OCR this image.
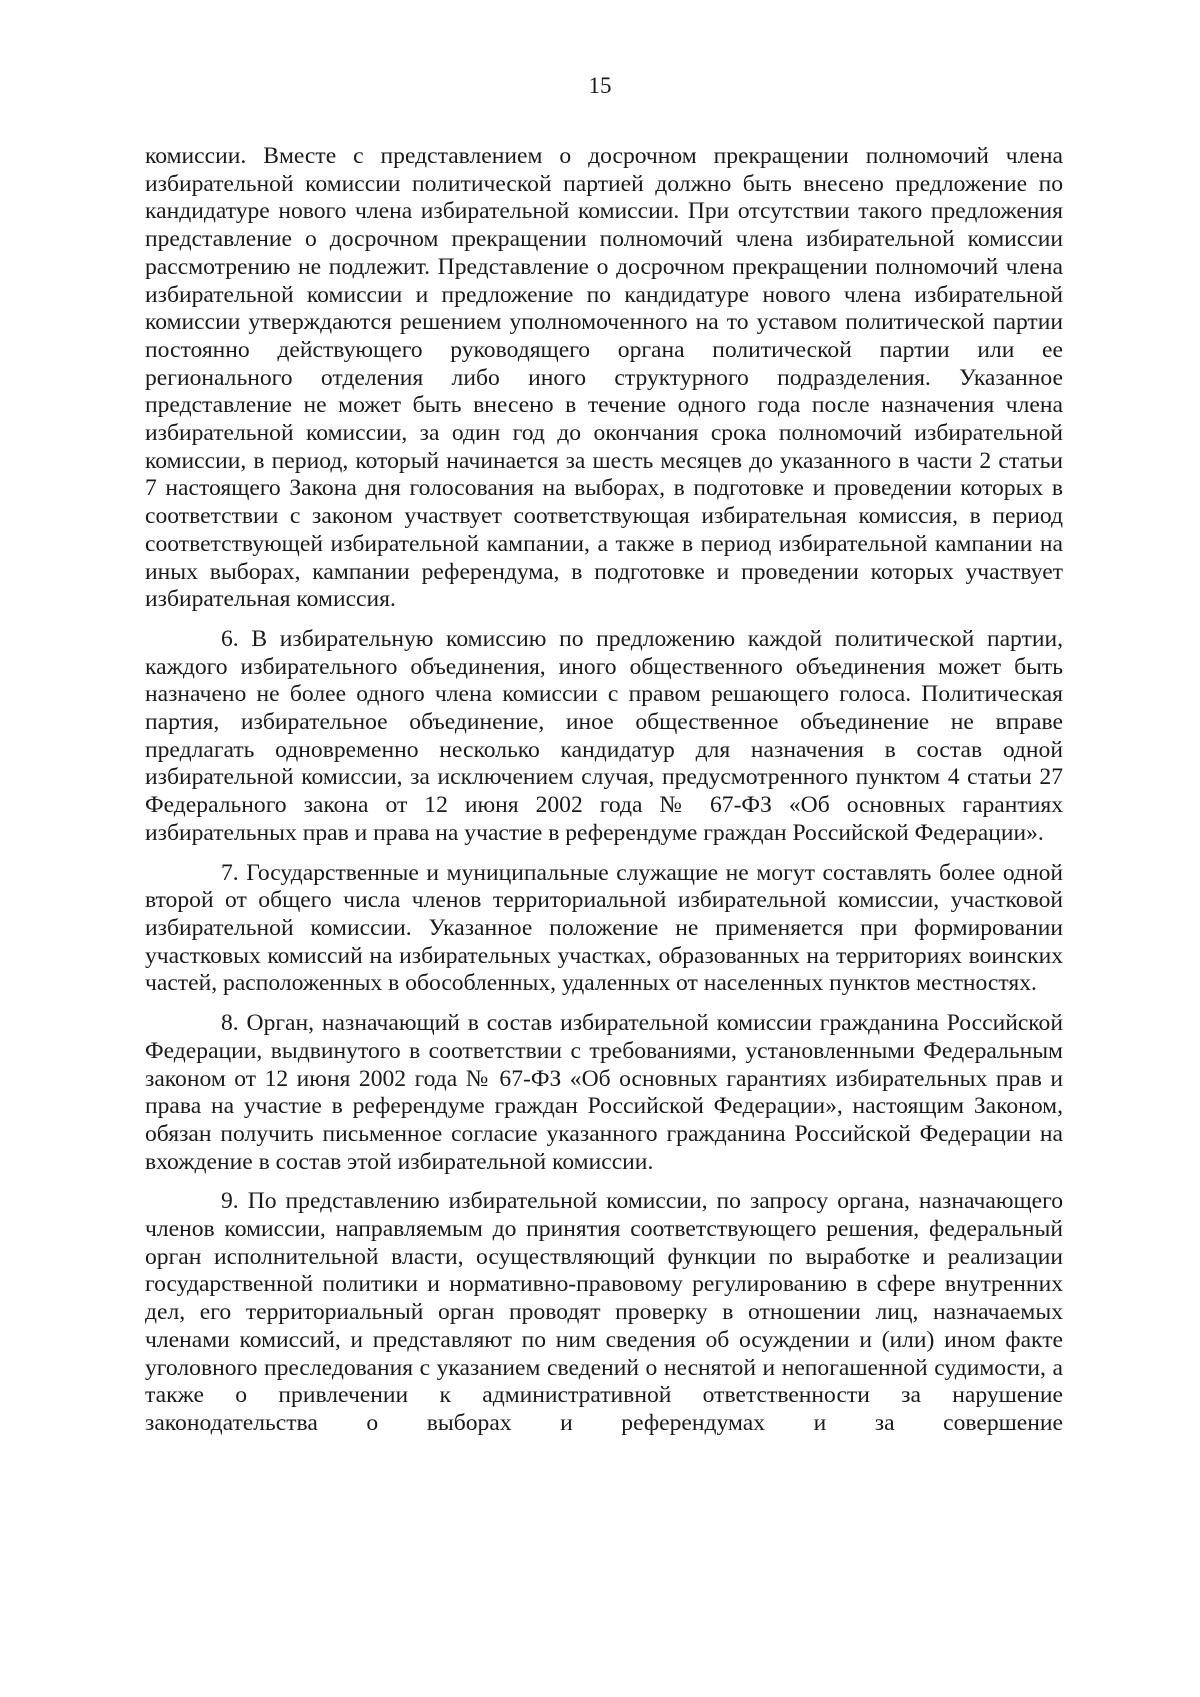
15

комиссии. Вместе с представлением о досрочном прекращении полномочий члена избирательной комиссии политической партией должно быть внесено предложение по кандидатуре нового члена избирательной комиссии. При отсутствии такого предложения представление о досрочном прекращении полномочий члена избирательной комиссии рассмотрению не подлежит. Представление о досрочном прекращении полномочий члена избирательной комиссии и предложение по кандидатуре нового члена избирательной комиссии утверждаются решением уполномоченного на то уставом политической партии постоянно действующего руководящего органа политической партии или ее регионального отделения либо иного структурного подразделения. Указанное представление не может быть внесено в течение одного года после назначения члена избирательной комиссии, за один год до окончания срока полномочий избирательной комиссии, в период, который начинается за шесть месяцев до указанного в части 2 статьи 7 настоящего Закона дня голосования на выборах, в подготовке и проведении которых в соответствии с законом участвует соответствующая избирательная комиссия, в период соответствующей избирательной кампании, а также в период избирательной кампании на иных выборах, кампании референдума, в подготовке и проведении которых участвует избирательная комиссия.

6. В избирательную комиссию по предложению каждой политической партии, каждого избирательного объединения, иного общественного объединения может быть назначено не более одного члена комиссии с правом решающего голоса. Политическая партия, избирательное объединение, иное общественное объединение не вправе предлагать одновременно несколько кандидатур для назначения в состав одной избирательной комиссии, за исключением случая, предусмотренного пунктом 4 статьи 27 Федерального закона от 12 июня 2002 года № 67-ФЗ «Об основных гарантиях избирательных прав и права на участие в референдуме граждан Российской Федерации».

7. Государственные и муниципальные служащие не могут составлять более одной второй от общего числа членов территориальной избирательной комиссии, участковой избирательной комиссии. Указанное положение не применяется при формировании участковых комиссий на избирательных участках, образованных на территориях воинских частей, расположенных в обособленных, удаленных от населенных пунктов местностях.

8. Орган, назначающий в состав избирательной комиссии гражданина Российской Федерации, выдвинутого в соответствии с требованиями, установленными Федеральным законом от 12 июня 2002 года № 67-ФЗ «Об основных гарантиях избирательных прав и права на участие в референдуме граждан Российской Федерации», настоящим Законом, обязан получить письменное согласие указанного гражданина Российской Федерации на вхождение в состав этой избирательной комиссии.

9. По представлению избирательной комиссии, по запросу органа, назначающего членов комиссии, направляемым до принятия соответствующего решения, федеральный орган исполнительной власти, осуществляющий функции по выработке и реализации государственной политики и нормативно-правовому регулированию в сфере внутренних дел, его территориальный орган проводят проверку в отношении лиц, назначаемых членами комиссий, и представляют по ним сведения об осуждении и (или) ином факте уголовного преследования с указанием сведений о неснятой и непогашенной судимости, а также о привлечении к административной ответственности за нарушение законодательства о выборах и референдумах и за совершение
